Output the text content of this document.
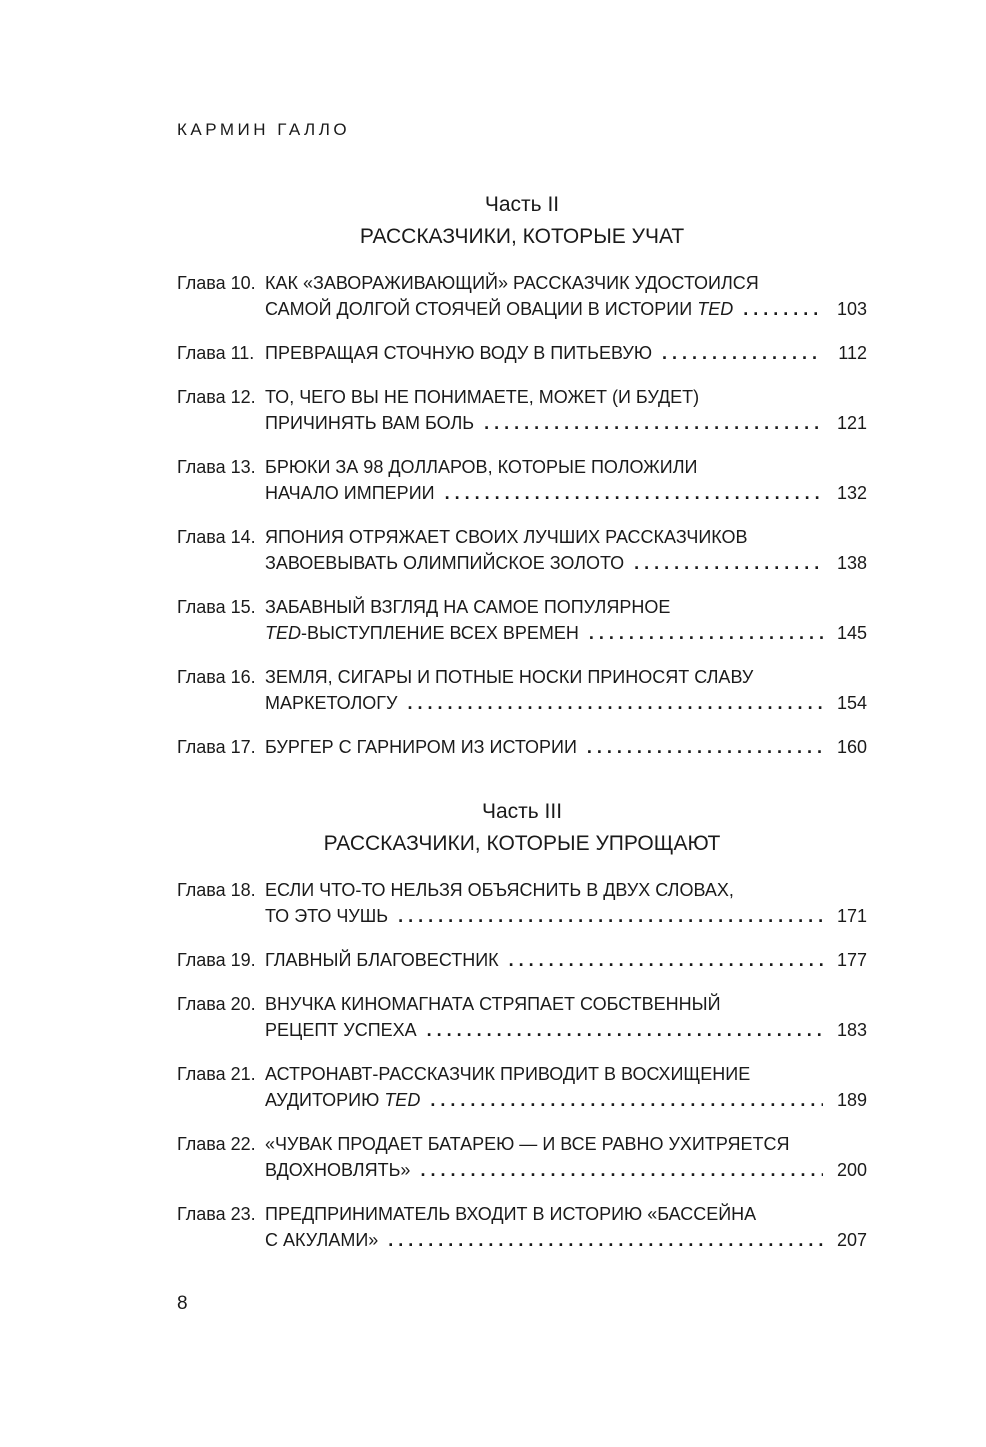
КАРМИН ГАЛЛО
Часть II
РАССКАЗЧИКИ, КОТОРЫЕ УЧАТ
Глава 10. КАК «ЗАВОРАЖИВАЮЩИЙ» РАССКАЗЧИК УДОСТОИЛСЯ
САМОЙ ДОЛГОЙ СТОЯЧЕЙ ОВАЦИИ В ИСТОРИИ TED . . .	103
Глава 11. ПРЕВРАЩАЯ СТОЧНУЮ ВОДУ В ПИТЬЕВУЮ . . .	112
Глава 12. ТО, ЧЕГО ВЫ НЕ ПОНИМАЕТЕ, МОЖЕТ (И БУДЕТ)
ПРИЧИНЯТЬ ВАМ БОЛЬ . . .	121
Глава 13. БРЮКИ ЗА 98 ДОЛЛАРОВ, КОТОРЫЕ ПОЛОЖИЛИ
НАЧАЛО ИМПЕРИИ . . .	132
Глава 14. ЯПОНИЯ ОТРЯЖАЕТ СВОИХ ЛУЧШИХ РАССКАЗЧИКОВ
ЗАВОЕВЫВАТЬ ОЛИМПИЙСКОЕ ЗОЛОТО . . .	138
Глава 15. ЗАБАВНЫЙ ВЗГЛЯД НА САМОЕ ПОПУЛЯРНОЕ
TED-ВЫСТУПЛЕНИЕ ВСЕХ ВРЕМЕН . . .	145
Глава 16. ЗЕМЛЯ, СИГАРЫ И ПОТНЫЕ НОСКИ ПРИНОСЯТ СЛАВУ
МАРКЕТОЛОГУ . . .	154
Глава 17. БУРГЕР С ГАРНИРОМ ИЗ ИСТОРИИ . . .	160
Часть III
РАССКАЗЧИКИ, КОТОРЫЕ УПРОЩАЮТ
Глава 18. ЕСЛИ ЧТО-ТО НЕЛЬЗЯ ОБЪЯСНИТЬ В ДВУХ СЛОВАХ,
ТО ЭТО ЧУШЬ . . .	171
Глава 19. ГЛАВНЫЙ БЛАГОВЕСТНИК . . .	177
Глава 20. ВНУЧКА КИНОМАГНАТА СТРЯПАЕТ СОБСТВЕННЫЙ
РЕЦЕПТ УСПЕХА . . .	183
Глава 21. АСТРОНАВТ-РАССКАЗЧИК ПРИВОДИТ В ВОСХИЩЕНИЕ
АУДИТОРИЮ TED . . .	189
Глава 22. «ЧУВАК ПРОДАЕТ БАТАРЕЮ — И ВСЕ РАВНО УХИТРЯЕТСЯ
ВДОХНОВЛЯТЬ» . . .	200
Глава 23. ПРЕДПРИНИМАТЕЛЬ ВХОДИТ В ИСТОРИЮ «БАССЕЙНА
С АКУЛАМИ» . . .	207
8
